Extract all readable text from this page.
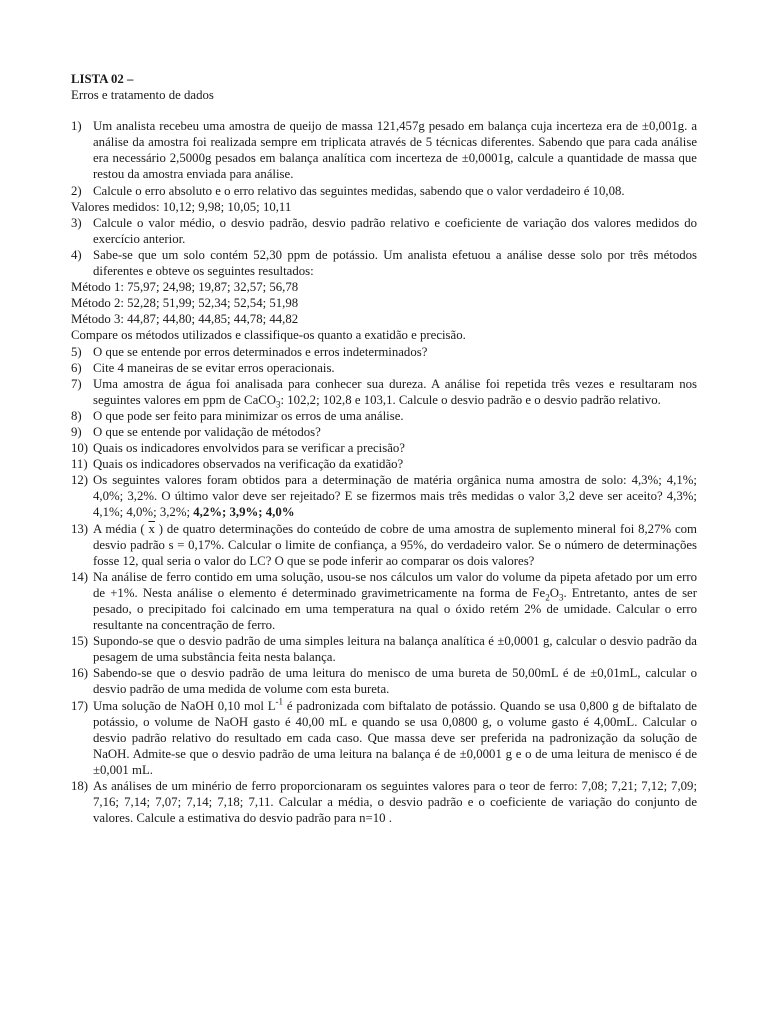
LISTA 02 –

Erros e tratamento de dados

1) Um analista recebeu uma amostra de queijo de massa 121,457g pesado em balança cuja incerteza era de ±0,001g. a análise da amostra foi realizada sempre em triplicata através de 5 técnicas diferentes. Sabendo que para cada análise era necessário 2,5000g pesados em balança analítica com incerteza de ±0,0001g, calcule a quantidade de massa que restou da amostra enviada para análise.
2) Calcule o erro absoluto e o erro relativo das seguintes medidas, sabendo que o valor verdadeiro é 10,08.

Valores medidos: 10,12; 9,98; 10,05; 10,11

3) Calcule o valor médio, o desvio padrão, desvio padrão relativo e coeficiente de variação dos valores medidos do exercício anterior.
4) Sabe-se que um solo contém 52,30 ppm de potássio. Um analista efetuou a análise desse solo por três métodos diferentes e obteve os seguintes resultados:

Método 1: 75,97; 24,98; 19,87; 32,57; 56,78

Método 2: 52,28; 51,99; 52,34; 52,54; 51,98

Método 3: 44,87; 44,80; 44,85; 44,78; 44,82

Compare os métodos utilizados e classifique-os quanto a exatidão e precisão.

5) O que se entende por erros determinados e erros indeterminados?
6) Cite 4 maneiras de se evitar erros operacionais.
7) Uma amostra de água foi analisada para conhecer sua dureza. A análise foi repetida três vezes e resultaram nos seguintes valores em ppm de CaCO$_3$: 102,2; 102,8 e 103,1. Calcule o desvio padrão e o desvio padrão relativo.
8) O que pode ser feito para minimizar os erros de uma análise.
9) O que se entende por validação de métodos?
10) Quais os indicadores envolvidos para se verificar a precisão?
11) Quais os indicadores observados na verificação da exatidão?
12) Os seguintes valores foram obtidos para a determinação de matéria orgânica numa amostra de solo: 4,3%; 4,1%; 4,0%; 3,2%. O último valor deve ser rejeitado? E se fizermos mais três medidas o valor 3,2 deve ser aceito? 4,3%; 4,1%; 4,0%; 3,2%; 4,2%; 3,9%; 4,0%
13) A média ( $\overline{x}$ ) de quatro determinações do conteúdo de cobre de uma amostra de suplemento mineral foi 8,27% com desvio padrão s = 0,17%. Calcular o limite de confiança, a 95%, do verdadeiro valor. Se o número de determinações fosse 12, qual seria o valor do LC? O que se pode inferir ao comparar os dois valores?
14) Na análise de ferro contido em uma solução, usou-se nos cálculos um valor do volume da pipeta afetado por um erro de +1%. Nesta análise o elemento é determinado gravimetricamente na forma de $Fe_2O_3$. Entretanto, antes de ser pesado, o precipitado foi calcinado em uma temperatura na qual o óxido retém 2% de umidade. Calcular o erro resultante na concentração de ferro.
15) Supondo-se que o desvio padrão de uma simples leitura na balança analítica é ±0,0001 g, calcular o desvio padrão da pesagem de uma substância feita nesta balança.
16) Sabendo-se que o desvio padrão de uma leitura do menisco de uma bureta de 50,00mL é de ±0,01mL, calcular o desvio padrão de uma medida de volume com esta bureta.
17) Uma solução de NaOH 0,10 mol $L^{-1}$ é padronizada com biftalato de potássio. Quando se usa 0,800 g de biftalato de potássio, o volume de NaOH gasto é 40,00 mL e quando se usa 0,0800 g, o volume gasto é 4,00mL. Calcular o desvio padrão relativo do resultado em cada caso. Que massa deve ser preferida na padronização da solução de NaOH. Admite-se que o desvio padrão de uma leitura na balança é de ±0,0001 g e o de uma leitura de menisco é de ±0,001 mL.
18) As análises de um minério de ferro proporcionaram os seguintes valores para o teor de ferro: 7,08; 7,21; 7,12; 7,09; 7,16; 7,14; 7,07; 7,14; 7,18; 7,11. Calcular a média, o desvio padrão e o coeficiente de variação do conjunto de valores. Calcule a estimativa do desvio padrão para n=10 .
